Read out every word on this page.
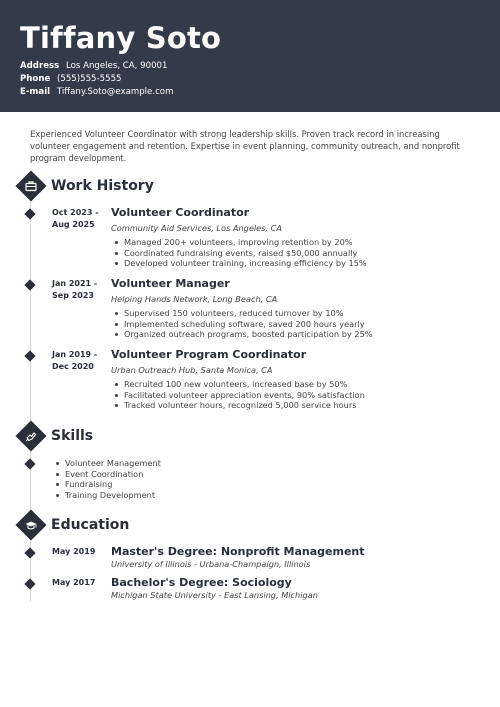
Tiffany Soto
Address Los Angeles, CA, 90001
Phone (555)555-5555
E-mail Tiffany.Soto@example.com
Experienced Volunteer Coordinator with strong leadership skills. Proven track record in increasing volunteer engagement and retention. Expertise in event planning, community outreach, and nonprofit program development.
Work History
Oct 2023 -
Aug 2025
Volunteer Coordinator
Community Aid Services, Los Angeles, CA
Managed 200+ volunteers, improving retention by 20%
Coordinated fundraising events, raised $50,000 annually
Developed volunteer training, increasing efficiency by 15%
Jan 2021 -
Sep 2023
Volunteer Manager
Helping Hands Network, Long Beach, CA
Supervised 150 volunteers, reduced turnover by 10%
Implemented scheduling software, saved 200 hours yearly
Organized outreach programs, boosted participation by 25%
Jan 2019 -
Dec 2020
Volunteer Program Coordinator
Urban Outreach Hub, Santa Monica, CA
Recruited 100 new volunteers, increased base by 50%
Facilitated volunteer appreciation events, 90% satisfaction
Tracked volunteer hours, recognized 5,000 service hours
Skills
Volunteer Management
Event Coordination
Fundraising
Training Development
Education
May 2019 Master's Degree: Nonprofit Management
University of Illinois - Urbana-Champaign, Illinois
May 2017 Bachelor's Degree: Sociology
Michigan State University - East Lansing, Michigan
